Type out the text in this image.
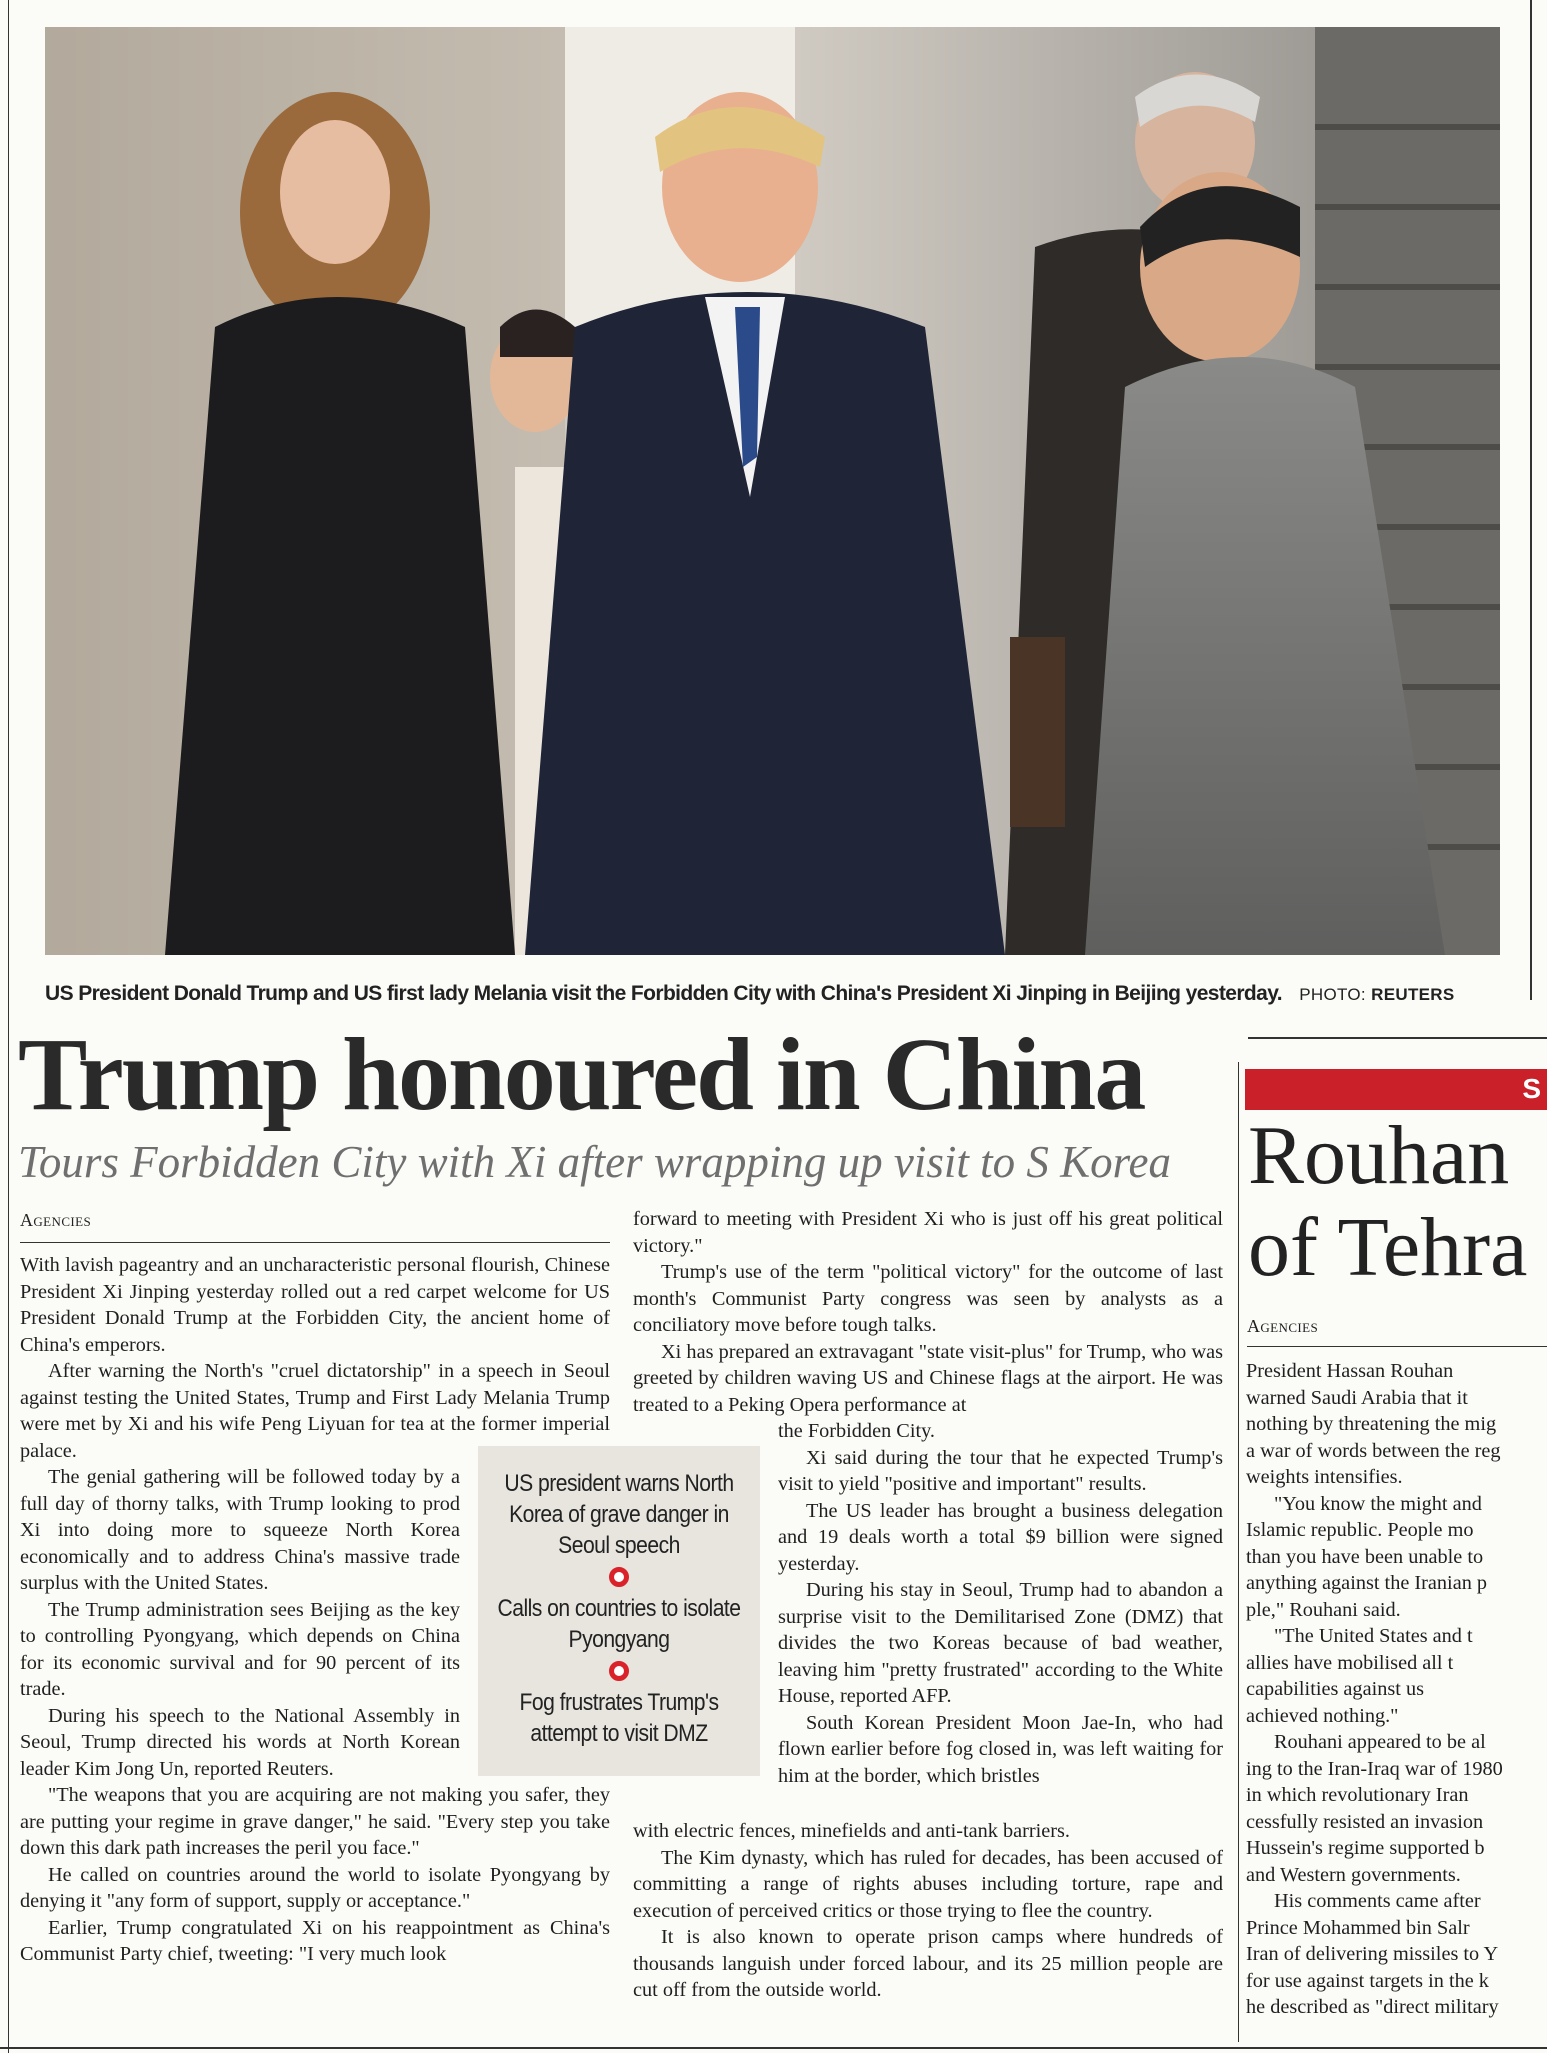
US President Donald Trump and US first lady Melania visit the Forbidden City with China's President Xi Jinping in Beijing yesterday. PHOTO: REUTERS
Trump honoured in China
Tours Forbidden City with Xi after wrapping up visit to S Korea
Agencies

With lavish pageantry and an uncharacteristic personal flourish, Chinese President Xi Jinping yesterday rolled out a red carpet welcome for US President Donald Trump at the Forbidden City, the ancient home of China's emperors.

After warning the North's "cruel dictatorship" in a speech in Seoul against testing the United States, Trump and First Lady Melania Trump were met by Xi and his wife Peng Liyuan for tea at the former imperial palace.

The genial gathering will be followed today by a full day of thorny talks, with Trump looking to prod Xi into doing more to squeeze North Korea economically and to address China's massive trade surplus with the United States.

The Trump administration sees Beijing as the key to controlling Pyongyang, which depends on China for its economic survival and for 90 percent of its trade.

During his speech to the National Assembly in Seoul, Trump directed his words at North Korean leader Kim Jong Un, reported Reuters.

"The weapons that you are acquiring are not making you safer, they are putting your regime in grave danger," he said. "Every step you take down this dark path increases the peril you face."

He called on countries around the world to isolate Pyongyang by denying it "any form of support, supply or acceptance."

Earlier, Trump congratulated Xi on his reappointment as China's Communist Party chief, tweeting: "I very much look

forward to meeting with President Xi who is just off his great political victory."

Trump's use of the term "political victory" for the outcome of last month's Communist Party congress was seen by analysts as a conciliatory move before tough talks.

Xi has prepared an extravagant "state visit-plus" for Trump, who was greeted by children waving US and Chinese flags at the airport. He was treated to a Peking Opera performance at

the Forbidden City.

Xi said during the tour that he expected Trump's visit to yield "positive and important" results.

The US leader has brought a business delegation and 19 deals worth a total $9 billion were signed yesterday.

During his stay in Seoul, Trump had to abandon a surprise visit to the Demilitarised Zone (DMZ) that divides the two Koreas because of bad weather, leaving him "pretty frustrated" according to the White House, reported AFP.

South Korean President Moon Jae-In, who had flown earlier before fog closed in, was left waiting for him at the border, which bristles

with electric fences, minefields and anti-tank barriers.

The Kim dynasty, which has ruled for decades, has been accused of committing a range of rights abuses including torture, rape and execution of perceived critics or those trying to flee the country.

It is also known to operate prison camps where hundreds of thousands languish under forced labour, and its 25 million people are cut off from the outside world.

US president warns North Korea of grave danger in Seoul speech
Calls on countries to isolate Pyongyang
Fog frustrates Trump's attempt to visit DMZ
S
Rouhan
of Tehra
Agencies
President Hassan Rouhan
warned Saudi Arabia that it
nothing by threatening the mig
a war of words between the reg
weights intensifies.
"You know the might and
Islamic republic. People mo
than you have been unable to
anything against the Iranian p
ple," Rouhani said.
"The United States and t
allies have mobilised all t
capabilities against us
achieved nothing."
Rouhani appeared to be al
ing to the Iran-Iraq war of 1980
in which revolutionary Iran
cessfully resisted an invasion
Hussein's regime supported b
and Western governments.
His comments came after
Prince Mohammed bin Salr
Iran of delivering missiles to Y
for use against targets in the k
he described as "direct military
